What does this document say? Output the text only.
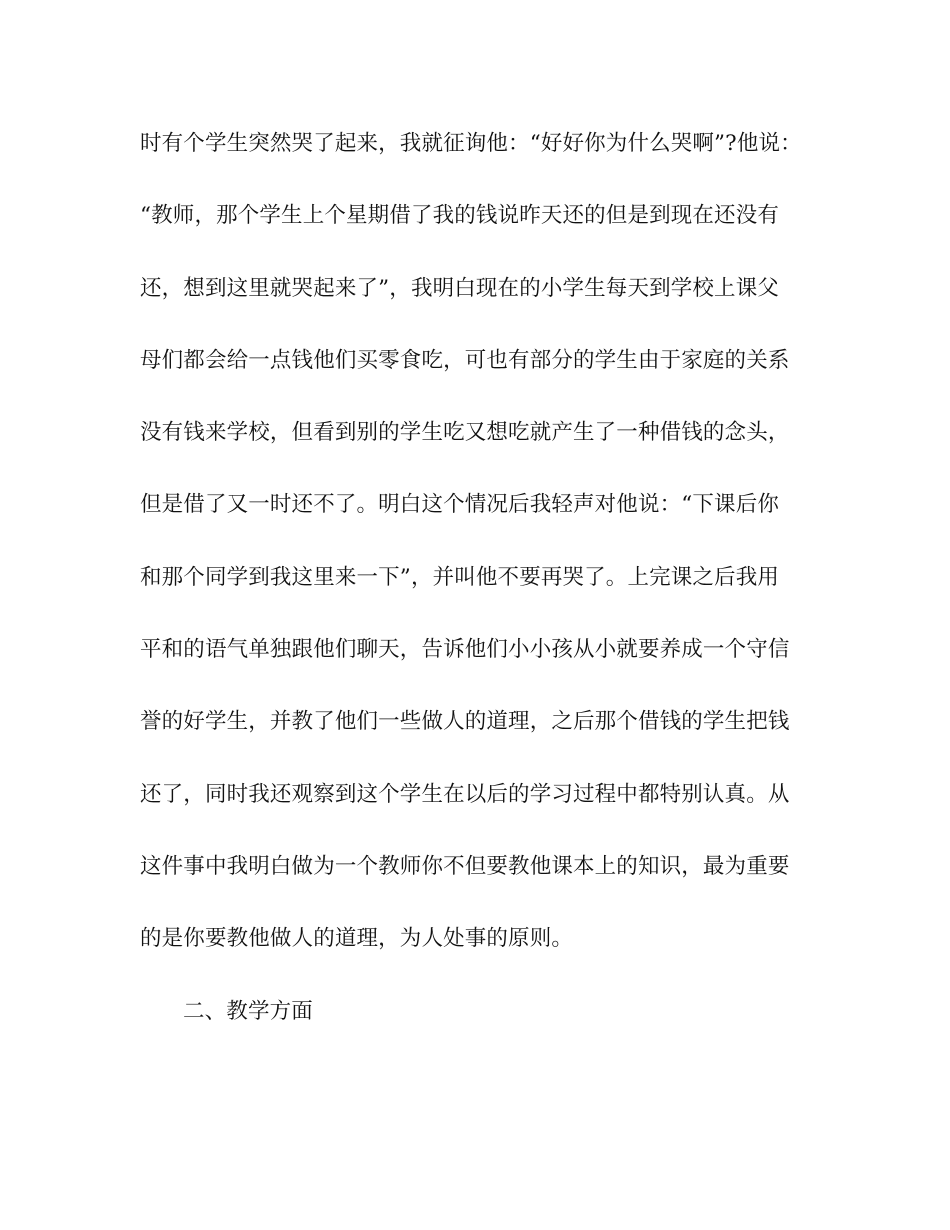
时有个学生突然哭了起来，我就征询他：“好好你为什么哭啊”?他说：
“教师，那个学生上个星期借了我的钱说昨天还的但是到现在还没有
还，想到这里就哭起来了”，我明白现在的小学生每天到学校上课父
母们都会给一点钱他们买零食吃，可也有部分的学生由于家庭的关系
没有钱来学校，但看到别的学生吃又想吃就产生了一种借钱的念头，
但是借了又一时还不了。明白这个情况后我轻声对他说：“下课后你
和那个同学到我这里来一下”，并叫他不要再哭了。上完课之后我用
平和的语气单独跟他们聊天，告诉他们小小孩从小就要养成一个守信
誉的好学生，并教了他们一些做人的道理，之后那个借钱的学生把钱
还了，同时我还观察到这个学生在以后的学习过程中都特别认真。从
这件事中我明白做为一个教师你不但要教他课本上的知识，最为重要
的是你要教他做人的道理，为人处事的原则。
二、教学方面
